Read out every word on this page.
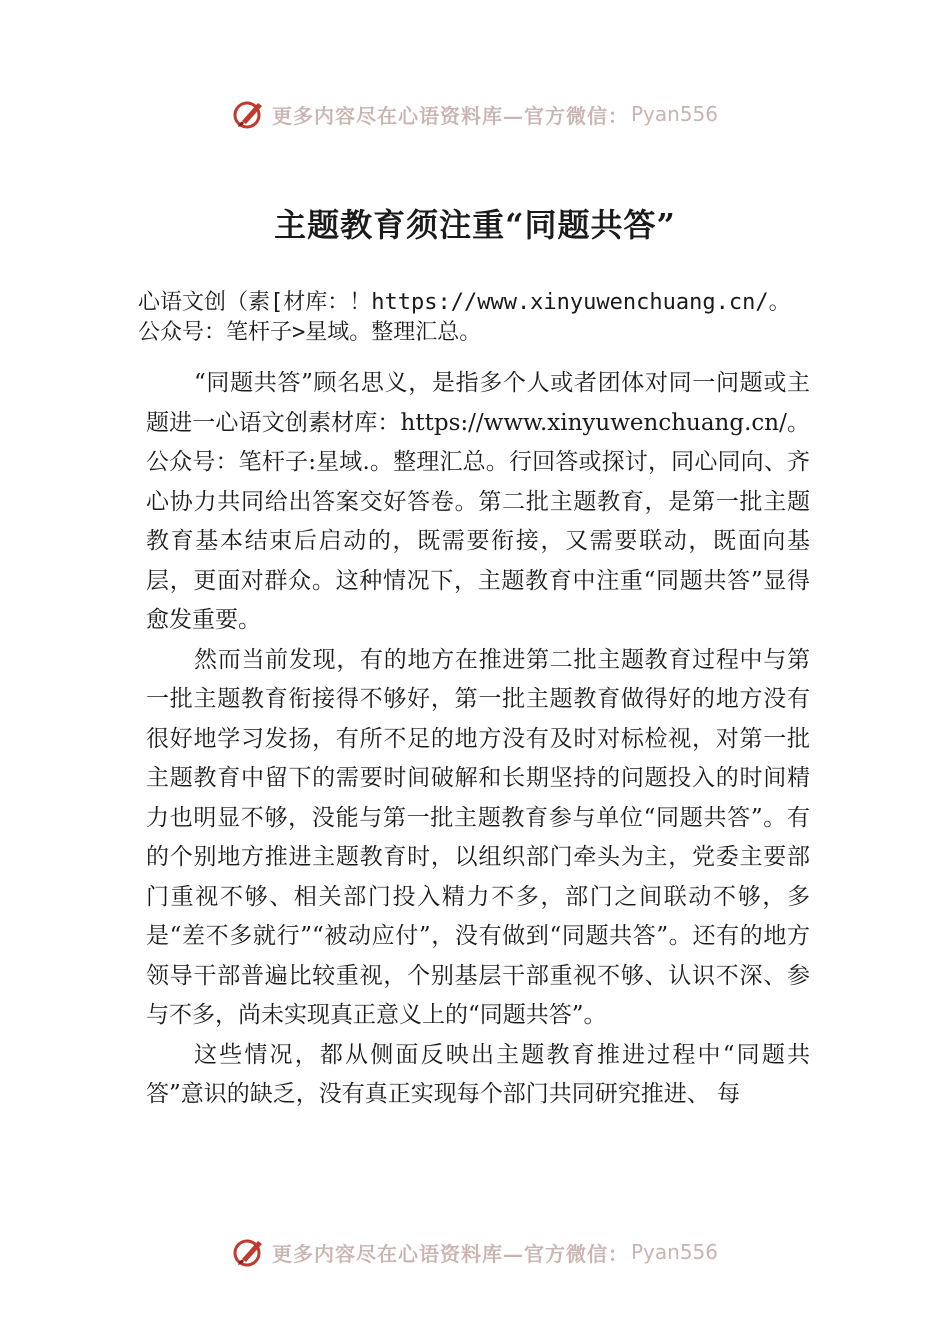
更多内容尽在心语资料库—官方微信： Pyan556
主题教育须注重“同题共答”
心语文创（素[材库：！https://www.xinyuwenchuang.cn/。
公众号：笔杆子>星域。整理汇总。

“同题共答”顾名思义，是指多个人或者团体对同一问题或主题进一心语文创素材库：https://www.xinyuwenchuang.cn/。公众号：笔杆子:星域.。整理汇总。行回答或探讨，同心同向、齐心协力共同给出答案交好答卷。第二批主题教育，是第一批主题教育基本结束后启动的，既需要衔接，又需要联动，既面向基层，更面对群众。这种情况下，主题教育中注重“同题共答”显得愈发重要。

然而当前发现，有的地方在推进第二批主题教育过程中与第一批主题教育衔接得不够好，第一批主题教育做得好的地方没有很好地学习发扬，有所不足的地方没有及时对标检视，对第一批主题教育中留下的需要时间破解和长期坚持的问题投入的时间精力也明显不够，没能与第一批主题教育参与单位“同题共答”。有的个别地方推进主题教育时，以组织部门牵头为主，党委主要部门重视不够、相关部门投入精力不多，部门之间联动不够，多是“差不多就行”“被动应付”，没有做到“同题共答”。还有的地方领导干部普遍比较重视，个别基层干部重视不够、认识不深、参与不多，尚未实现真正意义上的“同题共答”。

这些情况，都从侧面反映出主题教育推进过程中“同题共答”意识的缺乏，没有真正实现每个部门共同研究推进、 每

更多内容尽在心语资料库—官方微信： Pyan556
